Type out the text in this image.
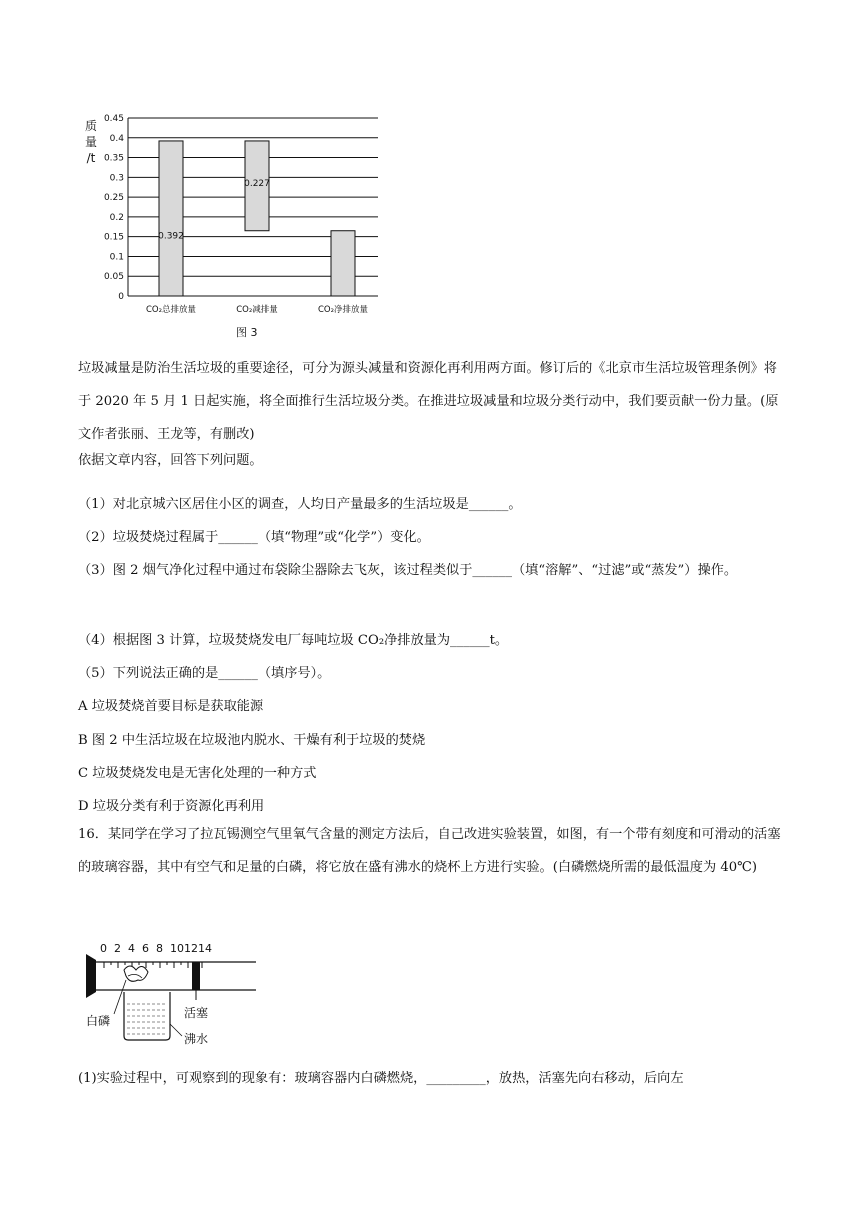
质
量
/t
0
0.05
0.1
0.15
0.2
0.25
0.3
0.35
0.4
0.45
0.392
CO₂总排放量
0.227
CO₂减排量	CO₂净排放量
图 3
垃圾减量是防治生活垃圾的重要途径，可分为源头减量和资源化再利用两方面。修订后的《北京市生活垃圾管理条例》将于 2020 年 5 月 1 日起实施，将全面推行生活垃圾分类。在推进垃圾减量和垃圾分类行动中，我们要贡献一份力量。(原文作者张丽、王龙等，有删改)
依据文章内容，回答下列问题。
（1）对北京城六区居住小区的调查，人均日产量最多的生活垃圾是______。
（2）垃圾焚烧过程属于______（填“物理”或“化学”）变化。
（3）图 2 烟气净化过程中通过布袋除尘器除去飞灰，该过程类似于______（填“溶解”、“过滤”或“蒸发”）操作。
（4）根据图 3 计算，垃圾焚烧发电厂每吨垃圾 CO₂净排放量为______t。
（5）下列说法正确的是______（填序号）。
A 垃圾焚烧首要目标是获取能源
B 图 2 中生活垃圾在垃圾池内脱水、干燥有利于垃圾的焚烧
C 垃圾焚烧发电是无害化处理的一种方式
D 垃圾分类有利于资源化再利用
16．某同学在学习了拉瓦锡测空气里氧气含量的测定方法后，自己改进实验装置，如图，有一个带有刻度和可滑动的活塞的玻璃容器，其中有空气和足量的白磷，将它放在盛有沸水的烧杯上方进行实验。(白磷燃烧所需的最低温度为 40℃)
0 2 4 6 8 10 12 14
白磷
活塞
沸水
(1)实验过程中，可观察到的现象有：玻璃容器内白磷燃烧，_________，放热，活塞先向右移动，后向左
